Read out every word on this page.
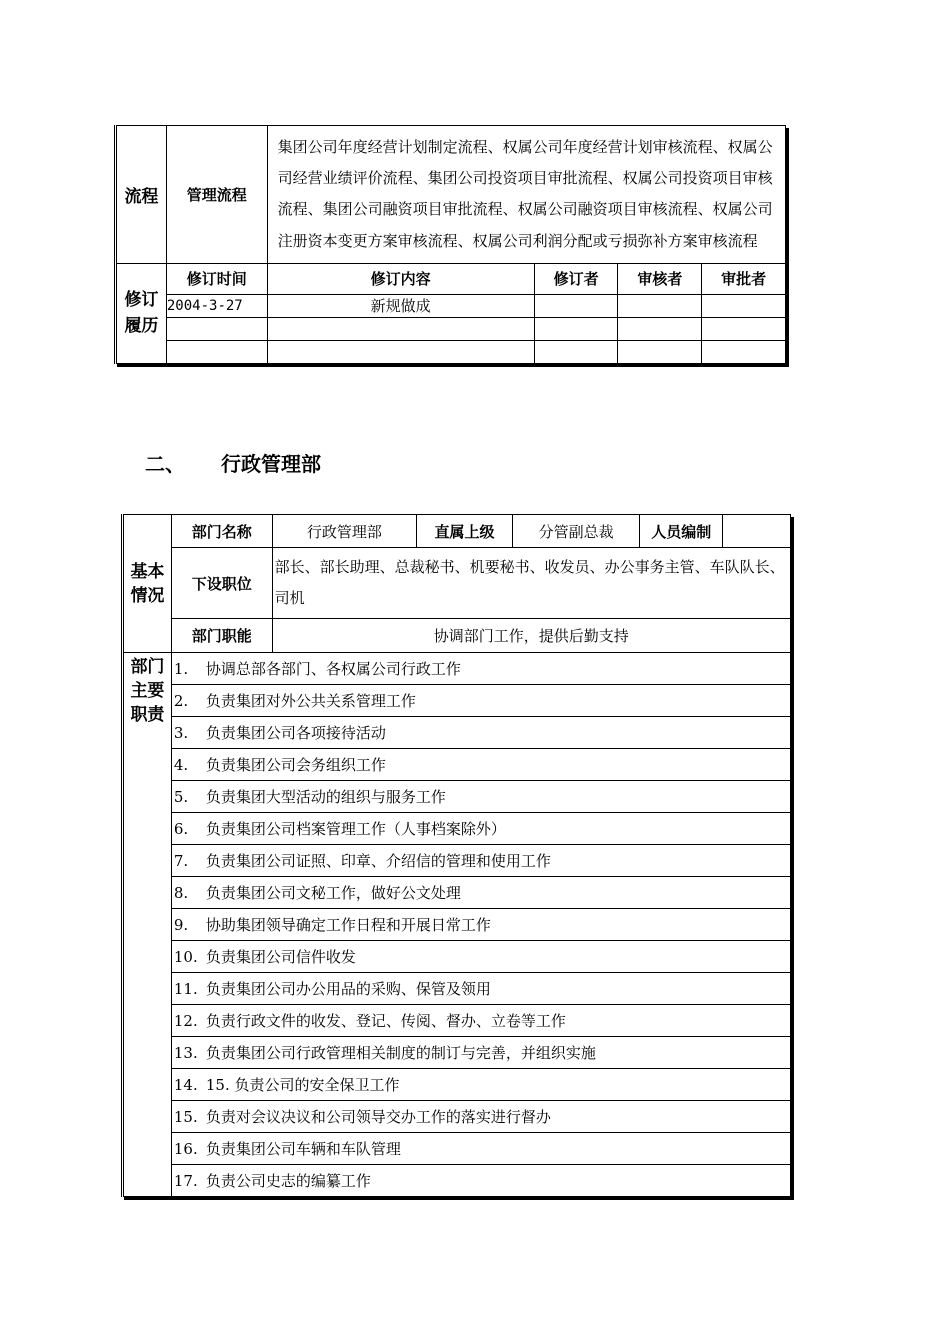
流程	管理流程	集团公司年度经营计划制定流程、权属公司年度经营计划审核流程、权属公司经营业绩评价流程、集团公司投资项目审批流程、权属公司投资项目审核流程、集团公司融资项目审批流程、权属公司融资项目审核流程、权属公司注册资本变更方案审核流程、权属公司利润分配或亏损弥补方案审核流程			
修订
履历	修订时间	修订内容	修订者	审核者	审批者
	2004-3-27	新规做成			

二、 行政管理部
基本
情况	部门名称	行政管理部	直属上级	分管副总裁	人员编制	
	下设职位	部长、部长助理、总裁秘书、机要秘书、收发员、办公事务主管、车队队长、司机				
	部门职能	协调部门工作，提供后勤支持				
部门
主要
职责	1. 协调总部各部门、各权属公司行政工作					
	2. 负责集团对外公共关系管理工作					
	3. 负责集团公司各项接待活动					
	4. 负责集团公司会务组织工作					
	5. 负责集团大型活动的组织与服务工作					
	6. 负责集团公司档案管理工作（人事档案除外）					
	7. 负责集团公司证照、印章、介绍信的管理和使用工作					
	8. 负责集团公司文秘工作，做好公文处理					
	9. 协助集团领导确定工作日程和开展日常工作					
	10. 负责集团公司信件收发					
	11. 负责集团公司办公用品的采购、保管及领用					
	12. 负责行政文件的收发、登记、传阅、督办、立卷等工作					
	13. 负责集团公司行政管理相关制度的制订与完善，并组织实施					
	14. 15. 负责公司的安全保卫工作					
	15. 负责对会议决议和公司领导交办工作的落实进行督办					
	16. 负责集团公司车辆和车队管理					
	17. 负责公司史志的编纂工作					
